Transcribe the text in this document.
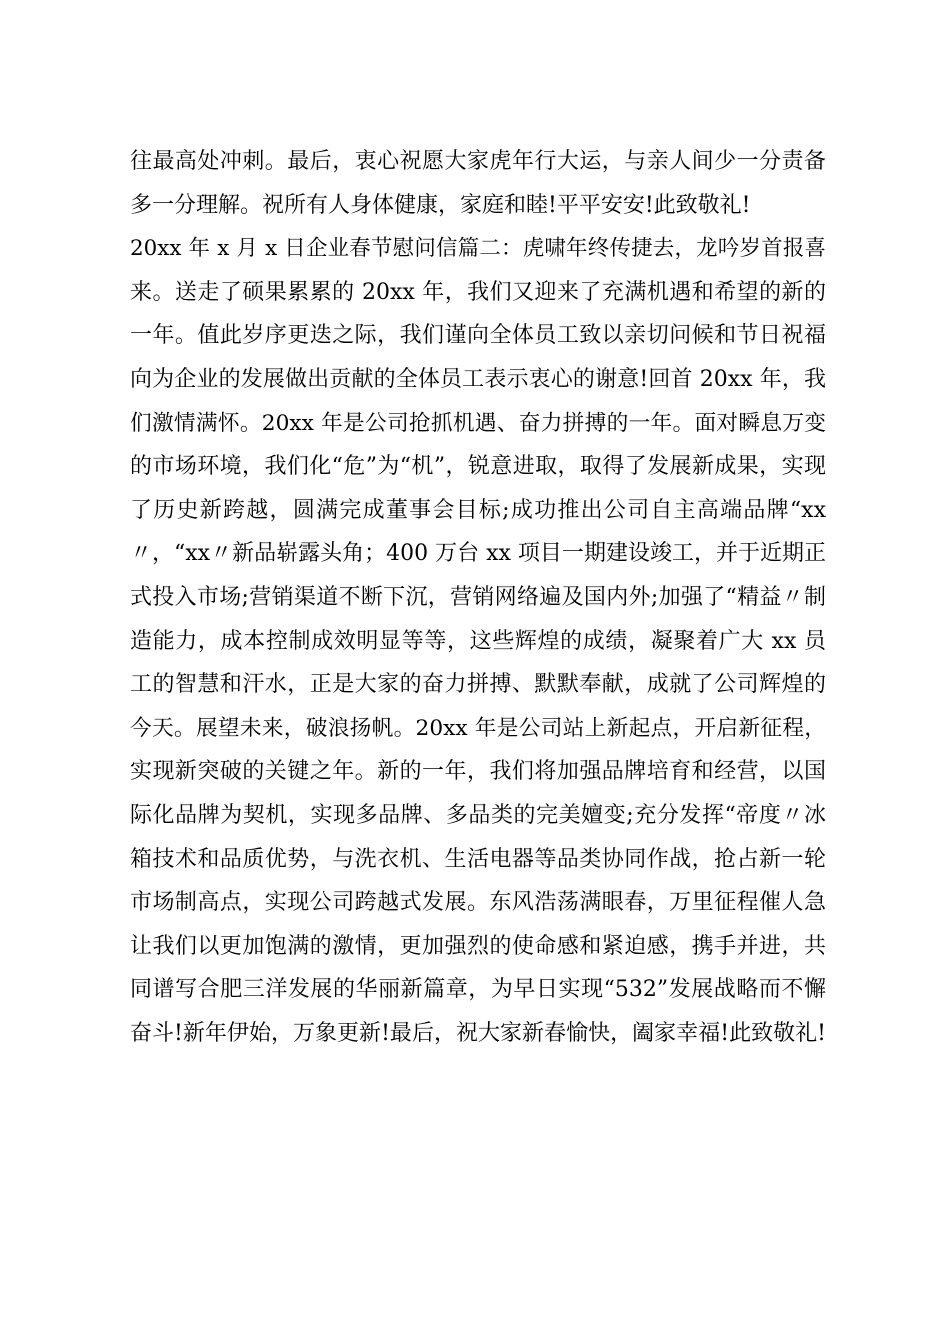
往最高处冲刺。最后，衷心祝愿大家虎年行大运，与亲人间少一分责备
多一分理解。祝所有人身体健康，家庭和睦!平平安安!此致敬礼!
20xx 年 x 月 x 日企业春节慰问信篇二：虎啸年终传捷去，龙吟岁首报喜
来。送走了硕果累累的 20xx 年，我们又迎来了充满机遇和希望的新的
一年。值此岁序更迭之际，我们谨向全体员工致以亲切问候和节日祝福
向为企业的发展做出贡献的全体员工表示衷心的谢意!回首 20xx 年，我
们激情满怀。20xx 年是公司抢抓机遇、奋力拼搏的一年。面对瞬息万变
的市场环境，我们化“危”为“机”，锐意进取，取得了发展新成果，实现
了历史新跨越，圆满完成董事会目标;成功推出公司自主高端品牌“xx
〃，“xx〃新品崭露头角；400 万台 xx 项目一期建设竣工，并于近期正
式投入市场;营销渠道不断下沉，营销网络遍及国内外;加强了“精益〃制
造能力，成本控制成效明显等等，这些辉煌的成绩，凝聚着广大 xx 员
工的智慧和汗水，正是大家的奋力拼搏、默默奉献，成就了公司辉煌的
今天。展望未来，破浪扬帆。20xx 年是公司站上新起点，开启新征程，
实现新突破的关键之年。新的一年，我们将加强品牌培育和经营，以国
际化品牌为契机，实现多品牌、多品类的完美嬗变;充分发挥“帝度〃冰
箱技术和品质优势，与洗衣机、生活电器等品类协同作战，抢占新一轮
市场制高点，实现公司跨越式发展。东风浩荡满眼春，万里征程催人急
让我们以更加饱满的激情，更加强烈的使命感和紧迫感，携手并进，共
同谱写合肥三洋发展的华丽新篇章，为早日实现“532”发展战略而不懈
奋斗!新年伊始，万象更新!最后，祝大家新春愉快，阖家幸福!此致敬礼!
